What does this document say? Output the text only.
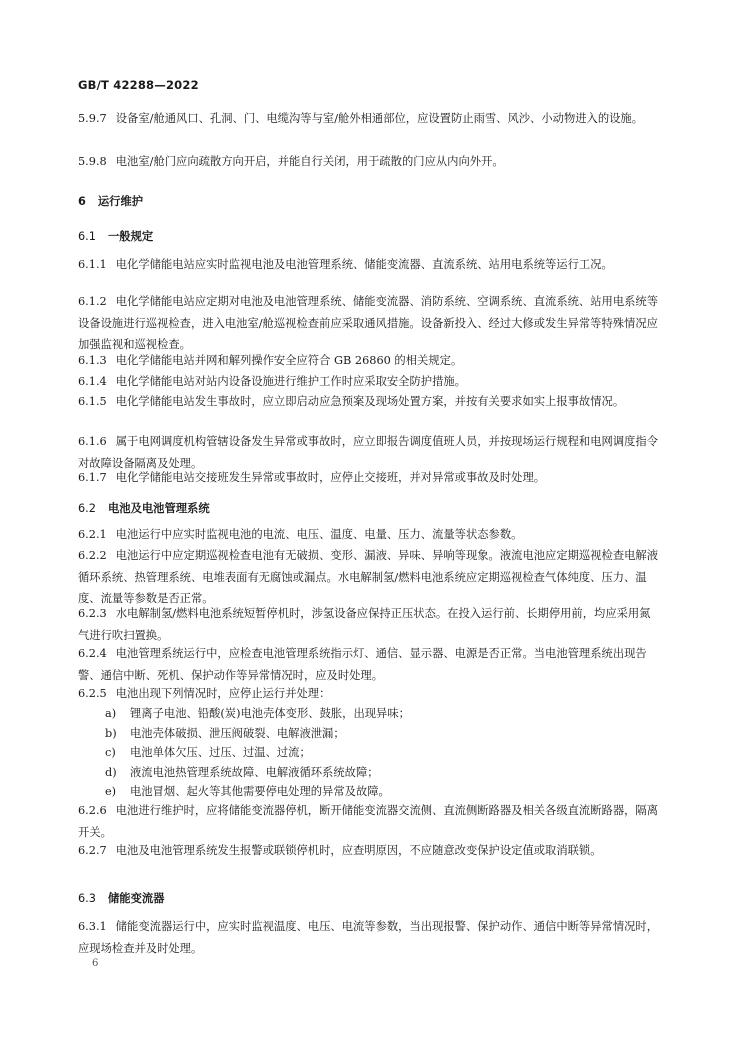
GB/T 42288—2022
5.9.7 设备室/舱通风口、孔洞、门、电缆沟等与室/舱外相通部位，应设置防止雨雪、风沙、小动物进入的设施。
5.9.8 电池室/舱门应向疏散方向开启，并能自行关闭，用于疏散的门应从内向外开。
6 运行维护
6.1 一般规定
6.1.1 电化学储能电站应实时监视电池及电池管理系统、储能变流器、直流系统、站用电系统等运行工况。
6.1.2 电化学储能电站应定期对电池及电池管理系统、储能变流器、消防系统、空调系统、直流系统、站用电系统等设备设施进行巡视检查，进入电池室/舱巡视检查前应采取通风措施。设备新投入、经过大修或发生异常等特殊情况应加强监视和巡视检查。
6.1.3 电化学储能电站并网和解列操作安全应符合 GB 26860 的相关规定。
6.1.4 电化学储能电站对站内设备设施进行维护工作时应采取安全防护措施。
6.1.5 电化学储能电站发生事故时，应立即启动应急预案及现场处置方案，并按有关要求如实上报事故情况。
6.1.6 属于电网调度机构管辖设备发生异常或事故时，应立即报告调度值班人员，并按现场运行规程和电网调度指令对故障设备隔离及处理。
6.1.7 电化学储能电站交接班发生异常或事故时，应停止交接班，并对异常或事故及时处理。
6.2 电池及电池管理系统
6.2.1 电池运行中应实时监视电池的电流、电压、温度、电量、压力、流量等状态参数。
6.2.2 电池运行中应定期巡视检查电池有无破损、变形、漏液、异味、异响等现象。液流电池应定期巡视检查电解液循环系统、热管理系统、电堆表面有无腐蚀或漏点。水电解制氢/燃料电池系统应定期巡视检查气体纯度、压力、温度、流量等参数是否正常。
6.2.3 水电解制氢/燃料电池系统短暂停机时，涉氢设备应保持正压状态。在投入运行前、长期停用前，均应采用氮气进行吹扫置换。
6.2.4 电池管理系统运行中，应检查电池管理系统指示灯、通信、显示器、电源是否正常。当电池管理系统出现告警、通信中断、死机、保护动作等异常情况时，应及时处理。
6.2.5 电池出现下列情况时，应停止运行并处理：
a) 锂离子电池、铅酸(炭)电池壳体变形、鼓胀，出现异味；
b) 电池壳体破损、泄压阀破裂、电解液泄漏；
c) 电池单体欠压、过压、过温、过流；
d) 液流电池热管理系统故障、电解液循环系统故障；
e) 电池冒烟、起火等其他需要停电处理的异常及故障。
6.2.6 电池进行维护时，应将储能变流器停机，断开储能变流器交流侧、直流侧断路器及相关各级直流断路器，隔离开关。
6.2.7 电池及电池管理系统发生报警或联锁停机时，应查明原因，不应随意改变保护设定值或取消联锁。
6.3 储能变流器
6.3.1 储能变流器运行中，应实时监视温度、电压、电流等参数，当出现报警、保护动作、通信中断等异常情况时，应现场检查并及时处理。
6
